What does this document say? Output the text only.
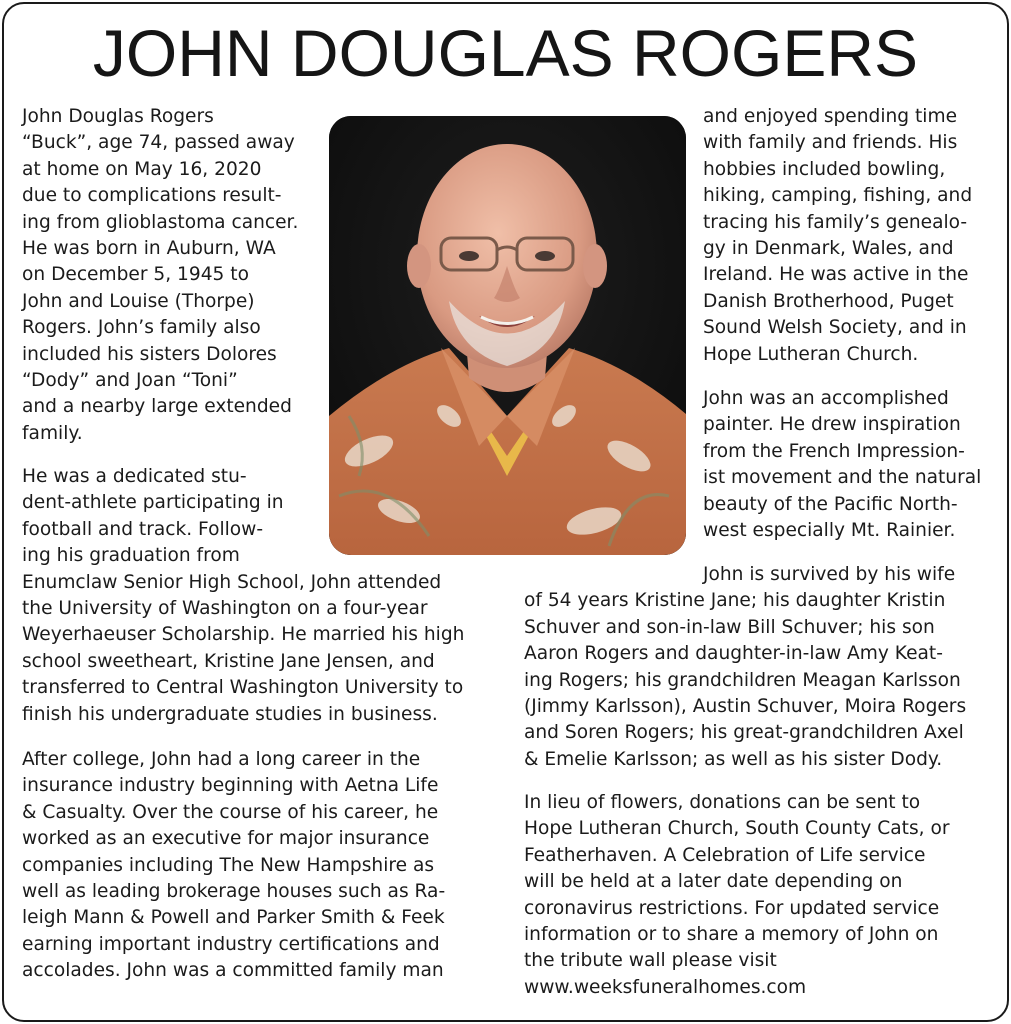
JOHN DOUGLAS ROGERS
John Douglas Rogers
“Buck”, age 74, passed away
at home on May 16, 2020
due to complications result-
ing from glioblastoma cancer.
He was born in Auburn, WA
on December 5, 1945 to
John and Louise (Thorpe)
Rogers. John’s family also
included his sisters Dolores
“Dody” and Joan “Toni”
and a nearby large extended
family.
He was a dedicated stu-
dent-athlete participating in
football and track. Follow-
ing his graduation from
Enumclaw Senior High School, John attended
the University of Washington on a four-year
Weyerhaeuser Scholarship. He married his high
school sweetheart, Kristine Jane Jensen, and
transferred to Central Washington University to
finish his undergraduate studies in business.
After college, John had a long career in the
insurance industry beginning with Aetna Life
& Casualty. Over the course of his career, he
worked as an executive for major insurance
companies including The New Hampshire as
well as leading brokerage houses such as Ra-
leigh Mann & Powell and Parker Smith & Feek
earning important industry certifications and
accolades. John was a committed family man
and enjoyed spending time
with family and friends. His
hobbies included bowling,
hiking, camping, fishing, and
tracing his family’s genealo-
gy in Denmark, Wales, and
Ireland. He was active in the
Danish Brotherhood, Puget
Sound Welsh Society, and in
Hope Lutheran Church.
John was an accomplished
painter. He drew inspiration
from the French Impression-
ist movement and the natural
beauty of the Pacific North-
west especially Mt. Rainier.
John is survived by his wife
of 54 years Kristine Jane; his daughter Kristin
Schuver and son-in-law Bill Schuver; his son
Aaron Rogers and daughter-in-law Amy Keat-
ing Rogers; his grandchildren Meagan Karlsson
(Jimmy Karlsson), Austin Schuver, Moira Rogers
and Soren Rogers; his great-grandchildren Axel
& Emelie Karlsson; as well as his sister Dody.
In lieu of flowers, donations can be sent to
Hope Lutheran Church, South County Cats, or
Featherhaven. A Celebration of Life service
will be held at a later date depending on
coronavirus restrictions. For updated service
information or to share a memory of John on
the tribute wall please visit
www.weeksfuneralhomes.com
